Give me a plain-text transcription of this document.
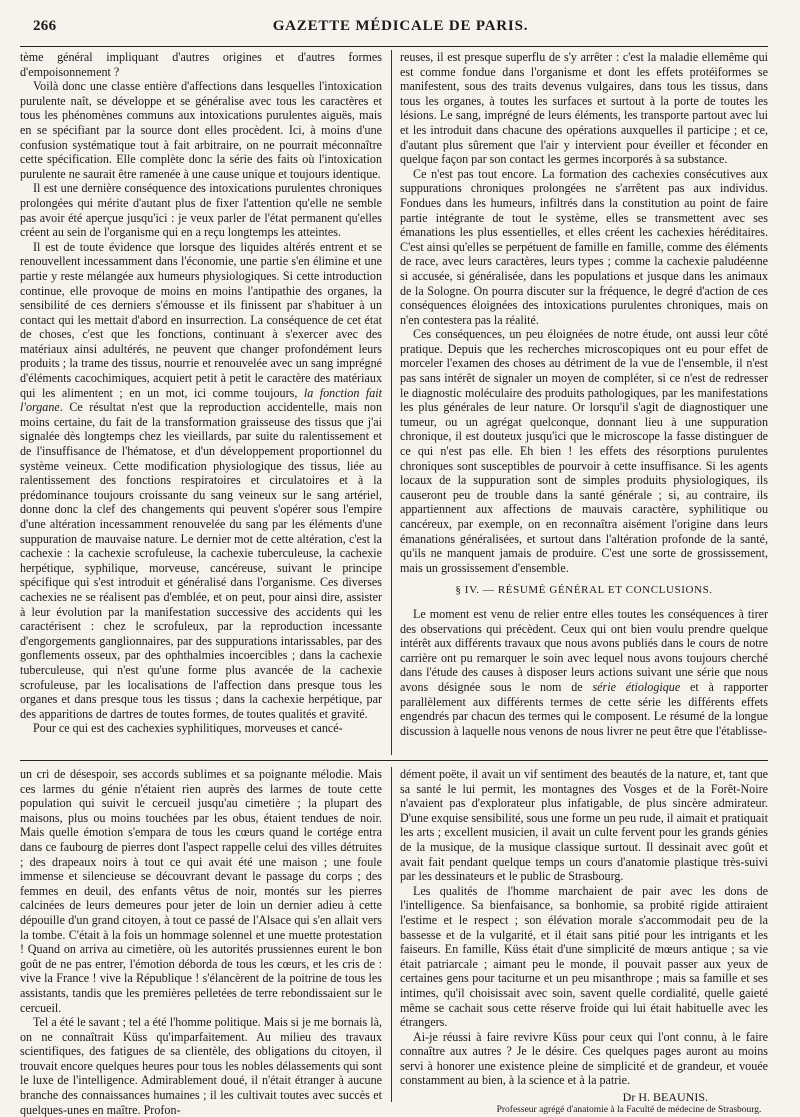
266	GAZETTE MÉDICALE DE PARIS.

tème général impliquant d'autres origines et d'autres formes d'empoisonnement ?

Voilà donc une classe entière d'affections dans lesquelles l'intoxication purulente naît, se développe et se généralise avec tous les caractères et tous les phénomènes communs aux intoxications purulentes aiguës, mais en se spécifiant par la source dont elles procèdent. Ici, à moins d'une confusion systématique tout à fait arbitraire, on ne pourrait méconnaître cette spécification. Elle complète donc la série des faits où l'intoxication purulente ne saurait être ramenée à une cause unique et toujours identique.

Il est une dernière conséquence des intoxications purulentes chroniques prolongées qui mérite d'autant plus de fixer l'attention qu'elle ne semble pas avoir été aperçue jusqu'ici : je veux parler de l'état permanent qu'elles créent au sein de l'organisme qui en a reçu longtemps les atteintes.

Il est de toute évidence que lorsque des liquides altérés entrent et se renouvellent incessamment dans l'économie, une partie s'en élimine et une partie y reste mélangée aux humeurs physiologiques. Si cette introduction continue, elle provoque de moins en moins l'antipathie des organes, la sensibilité de ces derniers s'émousse et ils finissent par s'habituer à un contact qui les mettait d'abord en insurrection. La conséquence de cet état de choses, c'est que les fonctions, continuant à s'exercer avec des matériaux ainsi adultérés, ne peuvent que changer profondément leurs produits ; la trame des tissus, nourrie et renouvelée avec un sang imprégné d'éléments cacochimiques, acquiert petit à petit le caractère des matériaux qui les alimentent ; en un mot, ici comme toujours, la fonction fait l'organe. Ce résultat n'est que la reproduction accidentelle, mais non moins certaine, du fait de la transformation graisseuse des tissus que j'ai signalée dès longtemps chez les vieillards, par suite du ralentissement et de l'insuffisance de l'hématose, et d'un développement proportionnel du système veineux. Cette modification physiologique des tissus, liée au ralentissement des fonctions respiratoires et circulatoires et à la prédominance toujours croissante du sang veineux sur le sang artériel, donne donc la clef des changements qui peuvent s'opérer sous l'empire d'une altération incessamment renouvelée du sang par les éléments d'une suppuration de mauvaise nature. Le dernier mot de cette altération, c'est la cachexie : la cachexie scrofuleuse, la cachexie tuberculeuse, la cachexie herpétique, syphilique, morveuse, cancéreuse, suivant le principe spécifique qui s'est introduit et généralisé dans l'organisme. Ces diverses cachexies ne se réalisent pas d'emblée, et on peut, pour ainsi dire, assister à leur évolution par la manifestation successive des accidents qui les caractérisent : chez le scrofuleux, par la reproduction incessante d'engorgements ganglionnaires, par des suppurations intarissables, par des gonflements osseux, par des ophthalmies incoercibles ; dans la cachexie tuberculeuse, qui n'est qu'une forme plus avancée de la cachexie scrofuleuse, par les localisations de l'affection dans presque tous les organes et dans presque tous les tissus ; dans la cachexie herpétique, par des apparitions de dartres de toutes formes, de toutes qualités et gravité.

Pour ce qui est des cachexies syphilitiques, morveuses et cancé-

reuses, il est presque superflu de s'y arrêter : c'est la maladie ellemême qui est comme fondue dans l'organisme et dont les effets protéiformes se manifestent, sous des traits devenus vulgaires, dans tous les tissus, dans tous les organes, à toutes les surfaces et surtout à la porte de toutes les lésions. Le sang, imprégné de leurs éléments, les transporte partout avec lui et les introduit dans chacune des opérations auxquelles il participe ; et ce, d'autant plus sûrement que l'air y intervient pour éveiller et féconder en quelque façon par son contact les germes incorporés à sa substance.

Ce n'est pas tout encore. La formation des cachexies consécutives aux suppurations chroniques prolongées ne s'arrêtent pas aux individus. Fondues dans les humeurs, infiltrés dans la constitution au point de faire partie intégrante de tout le système, elles se transmettent avec ses émanations les plus essentielles, et elles créent les cachexies héréditaires. C'est ainsi qu'elles se perpétuent de famille en famille, comme des éléments de race, avec leurs caractères, leurs types ; comme la cachexie paludéenne si accusée, si généralisée, dans les populations et jusque dans les animaux de la Sologne. On pourra discuter sur la fréquence, le degré d'action de ces conséquences éloignées des intoxications purulentes chroniques, mais on n'en contestera pas la réalité.

Ces conséquences, un peu éloignées de notre étude, ont aussi leur côté pratique. Depuis que les recherches microscopiques ont eu pour effet de morceler l'examen des choses au détriment de la vue de l'ensemble, il n'est pas sans intérêt de signaler un moyen de compléter, si ce n'est de redresser le diagnostic moléculaire des produits pathologiques, par les manifestations les plus générales de leur nature. Or lorsqu'il s'agit de diagnostiquer une tumeur, ou un agrégat quelconque, donnant lieu à une suppuration chronique, il est douteux jusqu'ici que le microscope la fasse distinguer de ce qui n'est pas elle. Eh bien ! les effets des résorptions purulentes chroniques sont susceptibles de pourvoir à cette insuffisance. Si les agents locaux de la suppuration sont de simples produits physiologiques, ils causeront peu de trouble dans la santé générale ; si, au contraire, ils appartiennent aux affections de mauvais caractère, syphilitique ou cancéreux, par exemple, on en reconnaîtra aisément l'origine dans leurs émanations généralisées, et surtout dans l'altération profonde de la santé, qu'ils ne manquent jamais de produire. C'est une sorte de grossissement, mais un grossissement d'ensemble.

§ IV. — RÉSUMÉ GÉNÉRAL ET CONCLUSIONS.

Le moment est venu de relier entre elles toutes les conséquences à tirer des observations qui précèdent. Ceux qui ont bien voulu prendre quelque intérêt aux différents travaux que nous avons publiés dans le cours de notre carrière ont pu remarquer le soin avec lequel nous avons toujours cherché dans l'étude des causes à disposer leurs actions suivant une série que nous avons désignée sous le nom de série étiologique et à rapporter parallèlement aux différents termes de cette série les différents effets engendrés par chacun des termes qui le composent. Le résumé de la longue discussion à laquelle nous venons de nous livrer ne peut être que l'établisse-

un cri de désespoir, ses accords sublimes et sa poignante mélodie. Mais ces larmes du génie n'étaient rien auprès des larmes de toute cette population qui suivit le cercueil jusqu'au cimetière ; la plupart des maisons, plus ou moins touchées par les obus, étaient tendues de noir. Mais quelle émotion s'empara de tous les cœurs quand le cortége entra dans ce faubourg de pierres dont l'aspect rappelle celui des villes détruites ; des drapeaux noirs à tout ce qui avait été une maison ; une foule immense et silencieuse se découvrant devant le passage du corps ; des femmes en deuil, des enfants vêtus de noir, montés sur les pierres calcinées de leurs demeures pour jeter de loin un dernier adieu à cette dépouille d'un grand citoyen, à tout ce passé de l'Alsace qui s'en allait vers la tombe. C'était à la fois un hommage solennel et une muette protestation ! Quand on arriva au cimetière, où les autorités prussiennes eurent le bon goût de ne pas entrer, l'émotion déborda de tous les cœurs, et les cris de : vive la France ! vive la République ! s'élancèrent de la poitrine de tous les assistants, tandis que les premières pelletées de terre rebondissaient sur le cercueil.

Tel a été le savant ; tel a été l'homme politique. Mais si je me bornais là, on ne connaîtrait Küss qu'imparfaitement. Au milieu des travaux scientifiques, des fatigues de sa clientèle, des obligations du citoyen, il trouvait encore quelques heures pour tous les nobles délassements qui sont le luxe de l'intelligence. Admirablement doué, il n'était étranger à aucune branche des connaissances humaines ; il les cultivait toutes avec succès et quelques-unes en maître. Profon-

dément poëte, il avait un vif sentiment des beautés de la nature, et, tant que sa santé le lui permit, les montagnes des Vosges et de la Forêt-Noire n'avaient pas d'explorateur plus infatigable, de plus sincère admirateur. D'une exquise sensibilité, sous une forme un peu rude, il aimait et pratiquait les arts ; excellent musicien, il avait un culte fervent pour les grands génies de la musique, de la musique classique surtout. Il dessinait avec goût et avait fait pendant quelque temps un cours d'anatomie plastique très-suivi par les dessinateurs et le public de Strasbourg.

Les qualités de l'homme marchaient de pair avec les dons de l'intelligence. Sa bienfaisance, sa bonhomie, sa probité rigide attiraient l'estime et le respect ; son élévation morale s'accommodait peu de la bassesse et de la vulgarité, et il était sans pitié pour les intrigants et les faiseurs. En famille, Küss était d'une simplicité de mœurs antique ; sa vie était patriarcale ; aimant peu le monde, il pouvait passer aux yeux de certaines gens pour taciturne et un peu misanthrope ; mais sa famille et ses intimes, qu'il choisissait avec soin, savent quelle cordialité, quelle gaieté même se cachait sous cette réserve froide qui lui était habituelle avec les étrangers.

Ai-je réussi à faire revivre Küss pour ceux qui l'ont connu, à le faire connaître aux autres ? Je le désire. Ces quelques pages auront au moins servi à honorer une existence pleine de simplicité et de grandeur, et vouée constamment au bien, à la science et à la patrie.

Dr H. BEAUNIS.
Professeur agrégé d'anatomie à la Faculté de médecine de Strasbourg.
